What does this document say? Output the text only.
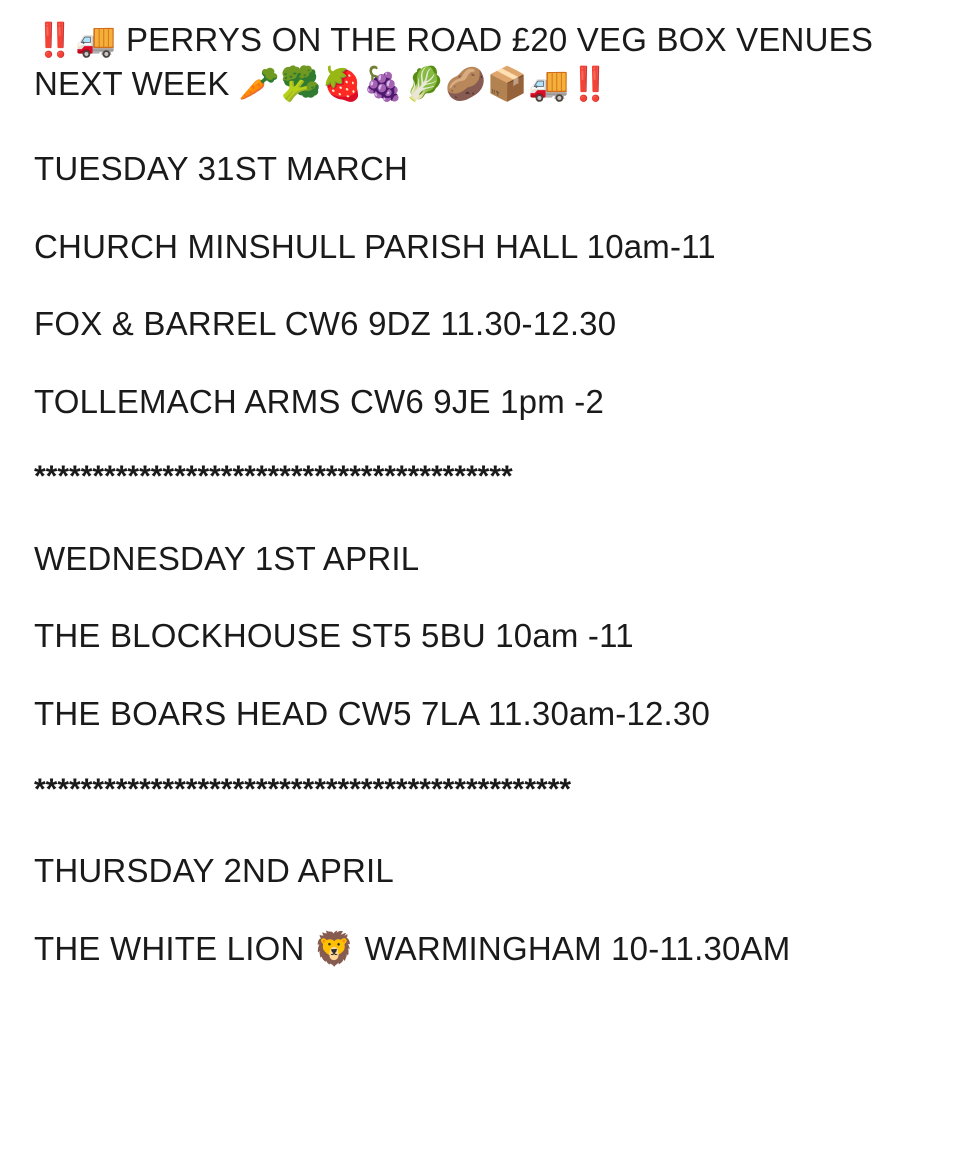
‼️🚚 PERRYS ON THE ROAD £20 VEG BOX VENUES NEXT WEEK 🥕🥦🍓🍇🥬🥔📦🚚‼️

TUESDAY 31ST MARCH

CHURCH MINSHULL PARISH HALL 10am-11

FOX & BARREL CW6 9DZ 11.30-12.30

TOLLEMACH ARMS CW6 9JE 1pm -2

*****************************************

WEDNESDAY 1ST APRIL

THE BLOCKHOUSE ST5 5BU 10am -11

THE BOARS HEAD CW5 7LA 11.30am-12.30

**********************************************

THURSDAY 2ND APRIL

THE WHITE LION 🦁 WARMINGHAM 10-11.30AM
